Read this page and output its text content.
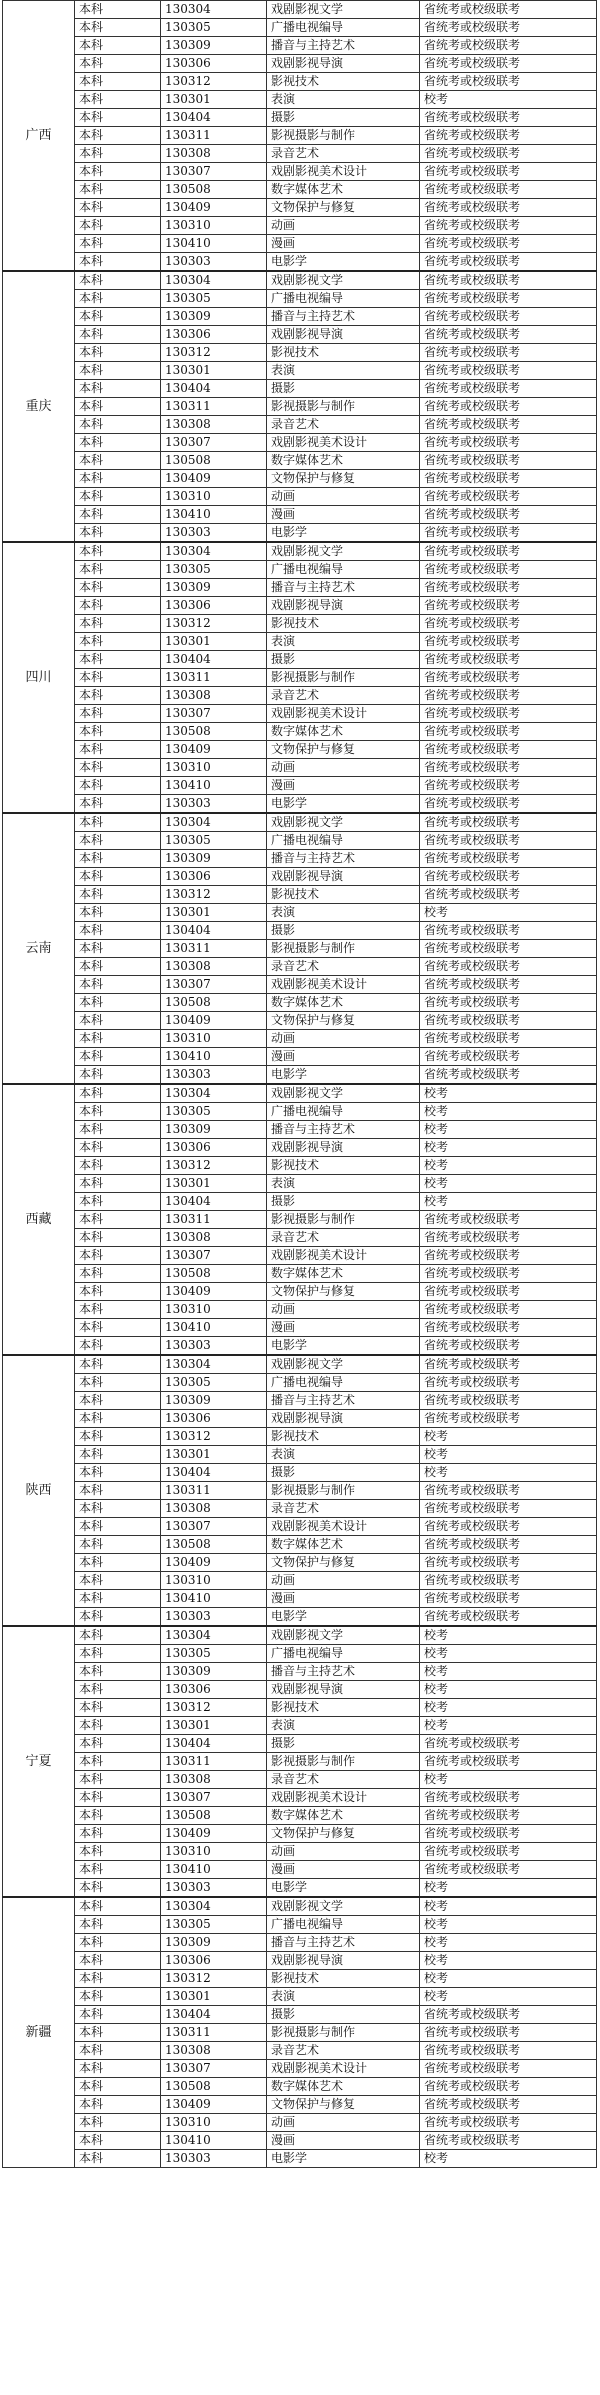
广西	本科	130304	戏剧影视文学	省统考或校级联考
	本科	130305	广播电视编导	省统考或校级联考
	本科	130309	播音与主持艺术	省统考或校级联考
	本科	130306	戏剧影视导演	省统考或校级联考
	本科	130312	影视技术	省统考或校级联考
	本科	130301	表演	校考
	本科	130404	摄影	省统考或校级联考
	本科	130311	影视摄影与制作	省统考或校级联考
	本科	130308	录音艺术	省统考或校级联考
	本科	130307	戏剧影视美术设计	省统考或校级联考
	本科	130508	数字媒体艺术	省统考或校级联考
	本科	130409	文物保护与修复	省统考或校级联考
	本科	130310	动画	省统考或校级联考
	本科	130410	漫画	省统考或校级联考
	本科	130303	电影学	省统考或校级联考
重庆	本科	130304	戏剧影视文学	省统考或校级联考
	本科	130305	广播电视编导	省统考或校级联考
	本科	130309	播音与主持艺术	省统考或校级联考
	本科	130306	戏剧影视导演	省统考或校级联考
	本科	130312	影视技术	省统考或校级联考
	本科	130301	表演	省统考或校级联考
	本科	130404	摄影	省统考或校级联考
	本科	130311	影视摄影与制作	省统考或校级联考
	本科	130308	录音艺术	省统考或校级联考
	本科	130307	戏剧影视美术设计	省统考或校级联考
	本科	130508	数字媒体艺术	省统考或校级联考
	本科	130409	文物保护与修复	省统考或校级联考
	本科	130310	动画	省统考或校级联考
	本科	130410	漫画	省统考或校级联考
	本科	130303	电影学	省统考或校级联考
四川	本科	130304	戏剧影视文学	省统考或校级联考
	本科	130305	广播电视编导	省统考或校级联考
	本科	130309	播音与主持艺术	省统考或校级联考
	本科	130306	戏剧影视导演	省统考或校级联考
	本科	130312	影视技术	省统考或校级联考
	本科	130301	表演	省统考或校级联考
	本科	130404	摄影	省统考或校级联考
	本科	130311	影视摄影与制作	省统考或校级联考
	本科	130308	录音艺术	省统考或校级联考
	本科	130307	戏剧影视美术设计	省统考或校级联考
	本科	130508	数字媒体艺术	省统考或校级联考
	本科	130409	文物保护与修复	省统考或校级联考
	本科	130310	动画	省统考或校级联考
	本科	130410	漫画	省统考或校级联考
	本科	130303	电影学	省统考或校级联考
云南	本科	130304	戏剧影视文学	省统考或校级联考
	本科	130305	广播电视编导	省统考或校级联考
	本科	130309	播音与主持艺术	省统考或校级联考
	本科	130306	戏剧影视导演	省统考或校级联考
	本科	130312	影视技术	省统考或校级联考
	本科	130301	表演	校考
	本科	130404	摄影	省统考或校级联考
	本科	130311	影视摄影与制作	省统考或校级联考
	本科	130308	录音艺术	省统考或校级联考
	本科	130307	戏剧影视美术设计	省统考或校级联考
	本科	130508	数字媒体艺术	省统考或校级联考
	本科	130409	文物保护与修复	省统考或校级联考
	本科	130310	动画	省统考或校级联考
	本科	130410	漫画	省统考或校级联考
	本科	130303	电影学	省统考或校级联考
西藏	本科	130304	戏剧影视文学	校考
	本科	130305	广播电视编导	校考
	本科	130309	播音与主持艺术	校考
	本科	130306	戏剧影视导演	校考
	本科	130312	影视技术	校考
	本科	130301	表演	校考
	本科	130404	摄影	校考
	本科	130311	影视摄影与制作	省统考或校级联考
	本科	130308	录音艺术	省统考或校级联考
	本科	130307	戏剧影视美术设计	省统考或校级联考
	本科	130508	数字媒体艺术	省统考或校级联考
	本科	130409	文物保护与修复	省统考或校级联考
	本科	130310	动画	省统考或校级联考
	本科	130410	漫画	省统考或校级联考
	本科	130303	电影学	省统考或校级联考
陕西	本科	130304	戏剧影视文学	省统考或校级联考
	本科	130305	广播电视编导	省统考或校级联考
	本科	130309	播音与主持艺术	省统考或校级联考
	本科	130306	戏剧影视导演	省统考或校级联考
	本科	130312	影视技术	校考
	本科	130301	表演	校考
	本科	130404	摄影	校考
	本科	130311	影视摄影与制作	省统考或校级联考
	本科	130308	录音艺术	省统考或校级联考
	本科	130307	戏剧影视美术设计	省统考或校级联考
	本科	130508	数字媒体艺术	省统考或校级联考
	本科	130409	文物保护与修复	省统考或校级联考
	本科	130310	动画	省统考或校级联考
	本科	130410	漫画	省统考或校级联考
	本科	130303	电影学	省统考或校级联考
宁夏	本科	130304	戏剧影视文学	校考
	本科	130305	广播电视编导	校考
	本科	130309	播音与主持艺术	校考
	本科	130306	戏剧影视导演	校考
	本科	130312	影视技术	校考
	本科	130301	表演	校考
	本科	130404	摄影	省统考或校级联考
	本科	130311	影视摄影与制作	省统考或校级联考
	本科	130308	录音艺术	校考
	本科	130307	戏剧影视美术设计	省统考或校级联考
	本科	130508	数字媒体艺术	省统考或校级联考
	本科	130409	文物保护与修复	省统考或校级联考
	本科	130310	动画	省统考或校级联考
	本科	130410	漫画	省统考或校级联考
	本科	130303	电影学	校考
新疆	本科	130304	戏剧影视文学	校考
	本科	130305	广播电视编导	校考
	本科	130309	播音与主持艺术	校考
	本科	130306	戏剧影视导演	校考
	本科	130312	影视技术	校考
	本科	130301	表演	校考
	本科	130404	摄影	省统考或校级联考
	本科	130311	影视摄影与制作	省统考或校级联考
	本科	130308	录音艺术	省统考或校级联考
	本科	130307	戏剧影视美术设计	省统考或校级联考
	本科	130508	数字媒体艺术	省统考或校级联考
	本科	130409	文物保护与修复	省统考或校级联考
	本科	130310	动画	省统考或校级联考
	本科	130410	漫画	省统考或校级联考
	本科	130303	电影学	校考
